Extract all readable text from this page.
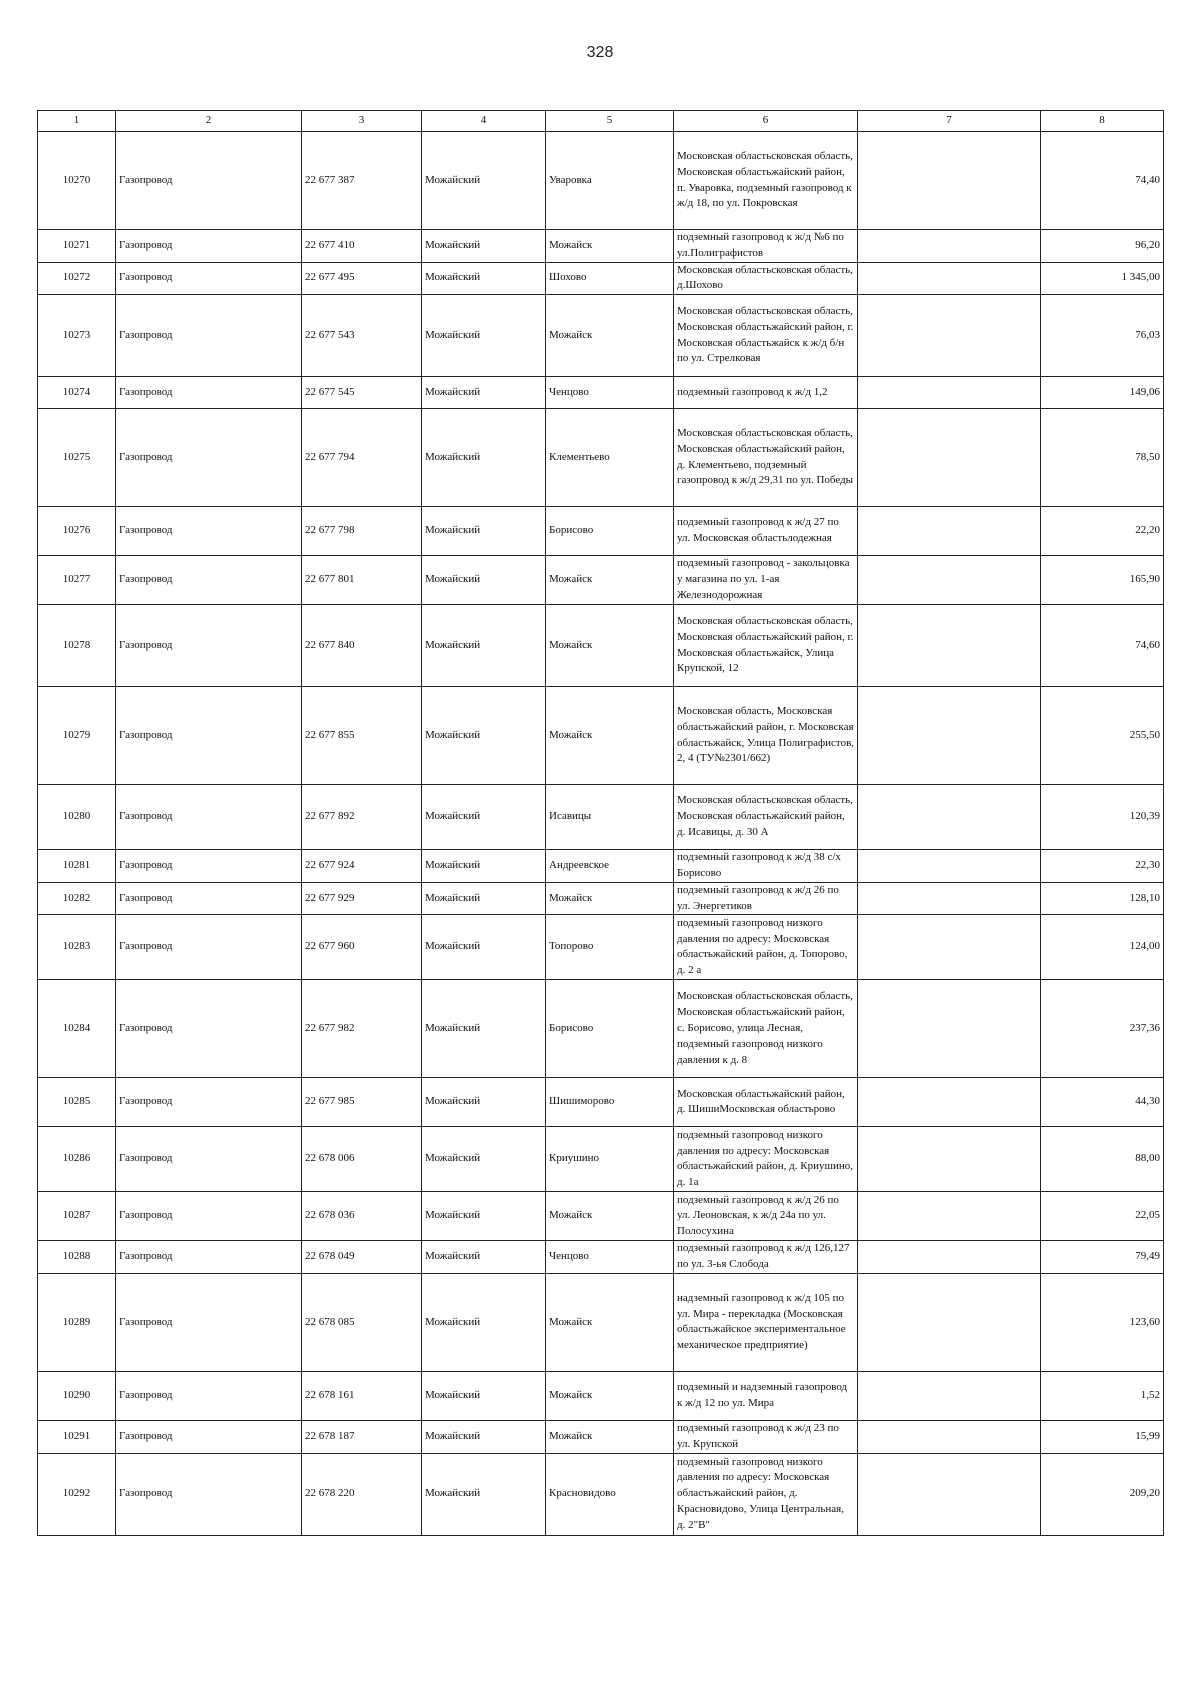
328
1	2	3	4	5	6	7	8
10270	Газопровод	22 677 387	Можайский	Уваровка	Московская областьсковская область, Московская областьжайский район, п. Уваровка, подземный газопровод к ж/д 18, по ул. Покровская		74,40
10271	Газопровод	22 677 410	Можайский	Можайск	подземный газопровод к ж/д №6 по ул.Полиграфистов		96,20
10272	Газопровод	22 677 495	Можайский	Шохово	Московская областьсковская область, д.Шохово		1 345,00
10273	Газопровод	22 677 543	Можайский	Можайск	Московская областьсковская область, Московская областьжайский район, г. Московская областьжайск к ж/д б/н по ул. Стрелковая		76,03
10274	Газопровод	22 677 545	Можайский	Ченцово	подземный газопровод к ж/д 1,2		149,06
10275	Газопровод	22 677 794	Можайский	Клементьево	Московская областьсковская область, Московская областьжайский район, д. Клементьево, подземный газопровод к ж/д 29,31 по ул. Победы		78,50
10276	Газопровод	22 677 798	Можайский	Борисово	подземный газопровод к ж/д 27 по ул. Московская областьлодежная		22,20
10277	Газопровод	22 677 801	Можайский	Можайск	подземный газопровод - закольцовка у магазина по ул. 1-ая Железнодорожная		165,90
10278	Газопровод	22 677 840	Можайский	Можайск	Московская областьсковская область, Московская областьжайский район, г. Московская областьжайск, Улица Крупской, 12		74,60
10279	Газопровод	22 677 855	Можайский	Можайск	Московская область, Московская областьжайский район, г. Московская областьжайск, Улица Полиграфистов, 2, 4 (ТУ№2301/662)		255,50
10280	Газопровод	22 677 892	Можайский	Исавицы	Московская областьсковская область, Московская областьжайский район, д. Исавицы, д. 30 А		120,39
10281	Газопровод	22 677 924	Можайский	Андреевское	подземный газопровод к ж/д 38 с/х Борисово		22,30
10282	Газопровод	22 677 929	Можайский	Можайск	подземный газопровод к ж/д 26 по ул. Энергетиков		128,10
10283	Газопровод	22 677 960	Можайский	Топорово	подземный газопровод низкого давления по адресу: Московская областьжайский район, д. Топорово, д. 2 а		124,00
10284	Газопровод	22 677 982	Можайский	Борисово	Московская областьсковская область, Московская областьжайский район, с. Борисово, улица Лесная, подземный газопровод низкого давления к д. 8		237,36
10285	Газопровод	22 677 985	Можайский	Шишиморово	Московская областьжайский район, д. ШишиМосковская областьрово		44,30
10286	Газопровод	22 678 006	Можайский	Криушино	подземный газопровод низкого давления по адресу: Московская областьжайский район, д. Криушино, д. 1а		88,00
10287	Газопровод	22 678 036	Можайский	Можайск	подземный газопровод к ж/д 26 по ул. Леоновская, к ж/д 24а по ул. Полосухина		22,05
10288	Газопровод	22 678 049	Можайский	Ченцово	подземный газопровод к ж/д 126,127 по ул. 3-ья Слобода		79,49
10289	Газопровод	22 678 085	Можайский	Можайск	надземный газопровод к ж/д 105 по ул. Мира - перекладка (Московская областьжайское экспериментальное механическое предприятие)		123,60
10290	Газопровод	22 678 161	Можайский	Можайск	подземный и надземный газопровод к ж/д 12 по ул. Мира		1,52
10291	Газопровод	22 678 187	Можайский	Можайск	подземный газопровод к ж/д 23 по ул. Крупской		15,99
10292	Газопровод	22 678 220	Можайский	Красновидово	подземный газопровод низкого давления по адресу: Московская областьжайский район, д. Красновидово, Улица Центральная, д. 2"В"		209,20
